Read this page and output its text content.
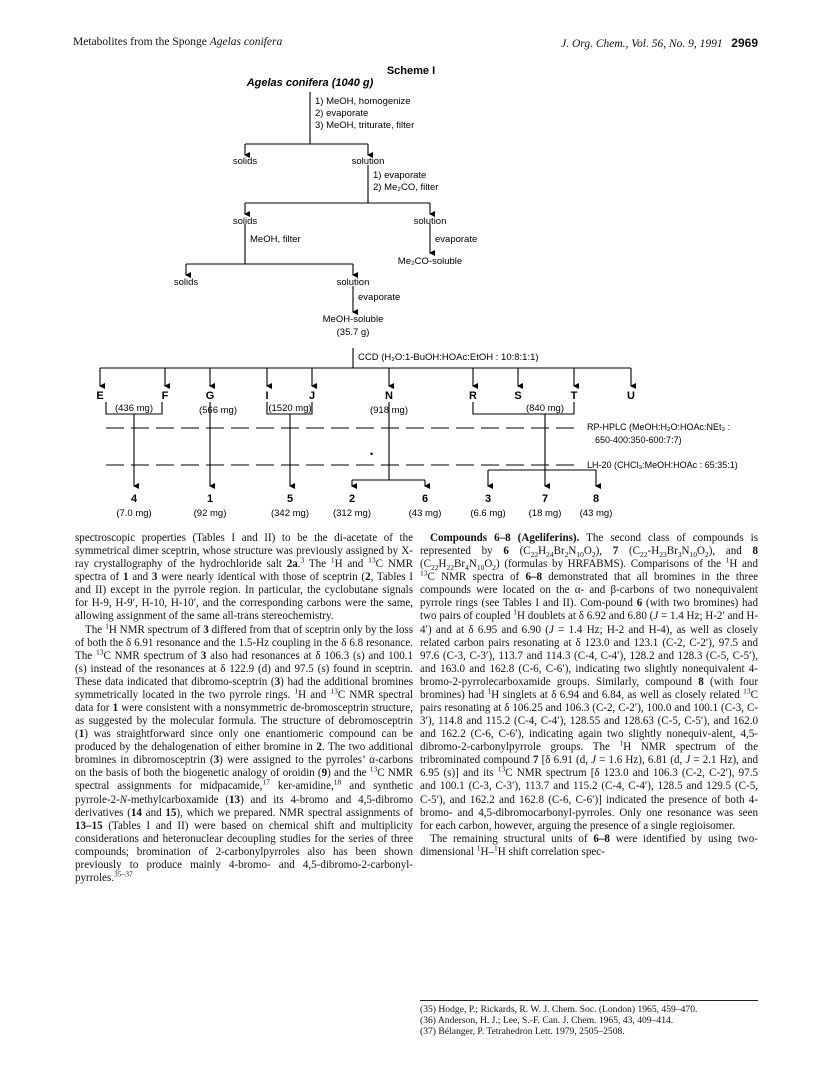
Metabolites from the Sponge Agelas conifera	J. Org. Chem., Vol. 56, No. 9, 1991 2969
Scheme I
Agelas conifera (1040 g)
1) MeOH, homogenize
2) evaporate
3) MeOH, triturate, filter
solids	solution
1) evaporate
2) Me₂CO, filter
solids	solution
MeOH, filter	evaporate
Me₂CO-soluble
solids	solution
evaporate
MeOH-soluble
(35.7 g)
CCD (H₂O:1-BuOH:HOAc:EtOH : 10:8:1:1)
E	F	G	I	J	N	R	S	T	U
(436 mg)	(566 mg)	(1520 mg)	(918 mg)	(840 mg)
RP-HPLC (MeOH:H₂O:HOAc:NEt₃ :
650-400:350-600:7:7)
LH-20 (CHCl₃:MeOH:HOAc : 65:35:1)
•
4	1	5	2	6	3	7	8
(7.0 mg)	(92 mg)	(342 mg)	(312 mg)	(43 mg)	(6.6 mg) (18 mg) (43 mg)

spectroscopic properties (Tables I and II) to be the di-acetate of the symmetrical dimer sceptrin, whose structure was previously assigned by X-ray crystallography of the hydrochloride salt 2a.$^3$ The $^1$H and $^{13}$C NMR spectra of 1 and 3 were nearly identical with those of sceptrin (2, Tables I and II) except in the pyrrole region. In particular, the cyclobutane signals for H-9, H-9′, H-10, H-10′, and the corresponding carbons were the same, allowing assignment of the same all-trans stereochemistry.

The $^1$H NMR spectrum of 3 differed from that of sceptrin only by the loss of both the δ 6.91 resonance and the 1.5-Hz coupling in the δ 6.8 resonance. The $^{13}$C NMR spectrum of 3 also had resonances at δ 106.3 (s) and 100.1 (s) instead of the resonances at δ 122.9 (d) and 97.5 (s) found in sceptrin. These data indicated that dibromo-sceptrin (3) had the additional bromines symmetrically located in the two pyrrole rings. $^1$H and $^{13}$C NMR spectral data for 1 were consistent with a nonsymmetric de-bromosceptrin structure, as suggested by the molecular formula. The structure of debromosceptrin (1) was straightforward since only one enantiomeric compound can be produced by the dehalogenation of either bromine in 2. The two additional bromines in dibromosceptrin (3) were assigned to the pyrroles’ α-carbons on the basis of both the biogenetic analogy of oroidin (9) and the $^{13}$C NMR spectral assignments for midpacamide,$^{17}$ ker-amidine,$^{18}$ and synthetic pyrrole-2-N-methylcarboxamide (13) and its 4-bromo and 4,5-dibromo derivatives (14 and 15), which we prepared. NMR spectral assignments of 13–15 (Tables I and II) were based on chemical shift and multiplicity considerations and heteronuclear decoupling studies for the series of three compounds; bromination of 2-carbonylpyrroles also has been shown previously to produce mainly 4-bromo- and 4,5-dibromo-2-carbonyl-pyrroles.$^{35-37}$

Compounds 6–8 (Ageliferins). The second class of compounds is represented by 6 $(C_{22}H_{24}Br_2N_{10}O_2)$, 7 $(C_{22}-H_{23}Br_3N_{10}O_2)$, and 8 $(C_{22}H_{22}Br_4N_{10}O_2)$ (formulas by HRFABMS). Comparisons of the $^1$H and $^{13}$C NMR spectra of 6–8 demonstrated that all bromines in the three compounds were located on the α- and β-carbons of two nonequivalent pyrrole rings (see Tables I and II). Com-pound 6 (with two bromines) had two pairs of coupled $^1$H doublets at δ 6.92 and 6.80 (J = 1.4 Hz; H-2′ and H-4′) and at δ 6.95 and 6.90 (J = 1.4 Hz; H-2 and H-4), as well as closely related carbon pairs resonating at δ 123.0 and 123.1 (C-2, C-2′), 97.5 and 97.6 (C-3, C-3′), 113.7 and 114.3 (C-4, C-4′), 128.2 and 128.3 (C-5, C-5′), and 163.0 and 162.8 (C-6, C-6′), indicating two slightly nonequivalent 4-bromo-2-pyrrolecarboxamide groups. Similarly, compound 8 (with four bromines) had $^1$H singlets at δ 6.94 and 6.84, as well as closely related $^{13}$C pairs resonating at δ 106.25 and 106.3 (C-2, C-2′), 100.0 and 100.1 (C-3, C-3′), 114.8 and 115.2 (C-4, C-4′), 128.55 and 128.63 (C-5, C-5′), and 162.0 and 162.2 (C-6, C-6′), indicating again two slightly nonequiv-alent, 4,5-dibromo-2-carbonylpyrrole groups. The $^1$H NMR spectrum of the tribrominated compound 7 [δ 6.91 (d, J = 1.6 Hz), 6.81 (d, J = 2.1 Hz), and 6.95 (s)] and its $^{13}$C NMR spectrum [δ 123.0 and 106.3 (C-2, C-2′), 97.5 and 100.1 (C-3, C-3′), 113.7 and 115.2 (C-4, C-4′), 128.5 and 129.5 (C-5, C-5′), and 162.2 and 162.8 (C-6, C-6′)] indicated the presence of both 4-bromo- and 4,5-dibromocarbonyl-pyrroles. Only one resonance was seen for each carbon, however, arguing the presence of a single regioisomer.

The remaining structural units of 6–8 were identified by using two-dimensional $^1$H–$^1$H shift correlation spec-

(35) Hodge, P.; Rickards, R. W. J. Chem. Soc. (London) 1965, 459–470.
(36) Anderson, H. J.; Lee, S.-F. Can. J. Chem. 1965, 43, 409–414.
(37) Bélanger, P. Tetrahedron Lett. 1979, 2505–2508.
